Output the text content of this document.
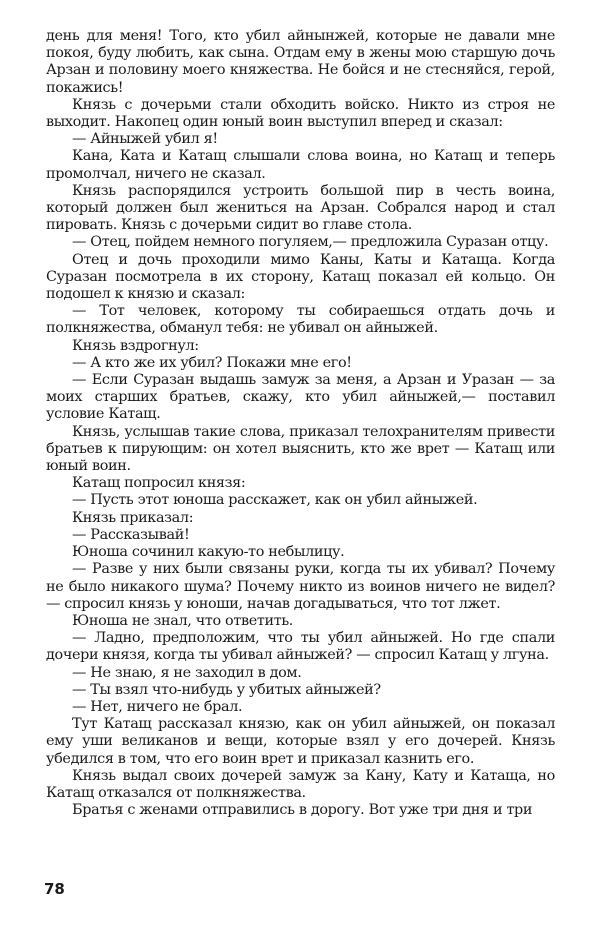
день для меня! Того, кто убил айнынжей, которые не давали мне покоя, буду любить, как сына. Отдам ему в жены мою старшую дочь Арзан и половину моего княжества. Не бойся и не стесняйся, герой, покажись!

Князь с дочерьми стали обходить войско. Никто из строя не выходит. Накопец один юный воин выступил вперед и сказал:

— Айныжей убил я!

Кана, Ката и Катащ слышали слова воина, но Катащ и теперь промолчал, ничего не сказал.

Князь распорядился устроить большой пир в честь воина, который должен был жениться на Арзан. Собрался народ и стал пировать. Князь с дочерьми сидит во главе стола.

— Отец, пойдем немного погуляем,— предложила Суразан отцу.

Отец и дочь проходили мимо Каны, Каты и Катаща. Когда Суразан посмотрела в их сторону, Катащ показал ей кольцо. Он подошел к князю и сказал:

— Тот человек, которому ты собираешься отдать дочь и полкняжества, обманул тебя: не убивал он айныжей.

Князь вздрогнул:

— А кто же их убил? Покажи мне его!

— Если Суразан выдашь замуж за меня, а Арзан и Уразан — за моих старших братьев, скажу, кто убил айныжей,— поставил условие Катащ.

Князь, услышав такие слова, приказал телохранителям привести братьев к пирующим: он хотел выяснить, кто же врет — Катащ или юный воин.

Катащ попросил князя:

— Пусть этот юноша расскажет, как он убил айныжей.

Князь приказал:

— Рассказывай!

Юноша сочинил какую-то небылицу.

— Разве у них были связаны руки, когда ты их убивал? Почему не было никакого шума? Почему никто из воинов ничего не видел? — спросил князь у юноши, начав догадываться, что тот лжет.

Юноша не знал, что ответить.

— Ладно, предположим, что ты убил айныжей. Но где спали дочери князя, когда ты убивал айныжей? — спросил Катащ у лгуна.

— Не знаю, я не заходил в дом.

— Ты взял что-нибудь у убитых айныжей?

— Нет, ничего не брал.

Тут Катащ рассказал князю, как он убил айныжей, он показал ему уши великанов и вещи, которые взял у его дочерей. Князь убедился в том, что его воин врет и приказал казнить его.

Князь выдал своих дочерей замуж за Кану, Кату и Катаща, но Катащ отказался от полкняжества.

Братья с женами отправились в дорогу. Вот уже три дня и три

78
